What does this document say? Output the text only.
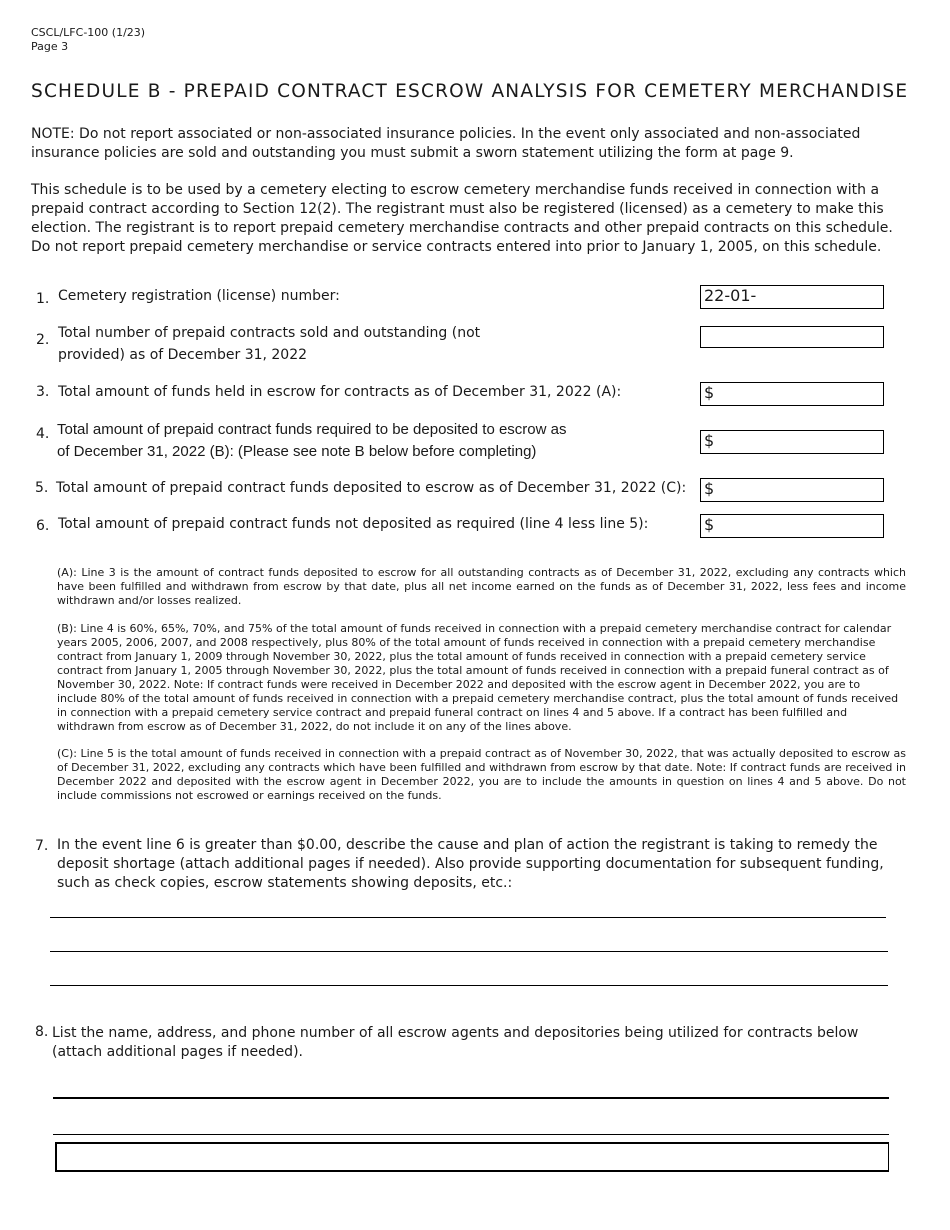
CSCL/LFC-100 (1/23)
Page 3
SCHEDULE B - PREPAID CONTRACT ESCROW ANALYSIS FOR CEMETERY MERCHANDISE
NOTE: Do not report associated or non-associated insurance policies. In the event only associated and non-associated insurance policies are sold and outstanding you must submit a sworn statement utilizing the form at page 9.
This schedule is to be used by a cemetery electing to escrow cemetery merchandise funds received in connection with a prepaid contract according to Section 12(2). The registrant must also be registered (licensed) as a cemetery to make this election. The registrant is to report prepaid cemetery merchandise contracts and other prepaid contracts on this schedule. Do not report prepaid cemetery merchandise or service contracts entered into prior to January 1, 2005, on this schedule.
1. Cemetery registration (license) number:	22-01-
2. Total number of prepaid contracts sold and outstanding (not
provided) as of December 31, 2022
3. Total amount of funds held in escrow for contracts as of December 31, 2022 (A):	$
4. Total amount of prepaid contract funds required to be deposited to escrow as
of December 31, 2022 (B): (Please see note B below before completing)
$
5. Total amount of prepaid contract funds deposited to escrow as of December 31, 2022 (C): $
6. Total amount of prepaid contract funds not deposited as required (line 4 less line 5):	$
(A): Line 3 is the amount of contract funds deposited to escrow for all outstanding contracts as of December 31, 2022, excluding any contracts which have been fulfilled and withdrawn from escrow by that date, plus all net income earned on the funds as of December 31, 2022, less fees and income withdrawn and/or losses realized.
(B): Line 4 is 60%, 65%, 70%, and 75% of the total amount of funds received in connection with a prepaid cemetery merchandise contract for calendar years 2005, 2006, 2007, and 2008 respectively, plus 80% of the total amount of funds received in connection with a prepaid cemetery merchandise contract from January 1, 2009 through November 30, 2022, plus the total amount of funds received in connection with a prepaid cemetery service contract from January 1, 2005 through November 30, 2022, plus the total amount of funds received in connection with a prepaid funeral contract as of November 30, 2022. Note: If contract funds were received in December 2022 and deposited with the escrow agent in December 2022, you are to include 80% of the total amount of funds received in connection with a prepaid cemetery merchandise contract, plus the total amount of funds received in connection with a prepaid cemetery service contract and prepaid funeral contract on lines 4 and 5 above. If a contract has been fulfilled and withdrawn from escrow as of December 31, 2022, do not include it on any of the lines above.
(C): Line 5 is the total amount of funds received in connection with a prepaid contract as of November 30, 2022, that was actually deposited to escrow as of December 31, 2022, excluding any contracts which have been fulfilled and withdrawn from escrow by that date. Note: If contract funds are received in December 2022 and deposited with the escrow agent in December 2022, you are to include the amounts in question on lines 4 and 5 above. Do not include commissions not escrowed or earnings received on the funds.
7. In the event line 6 is greater than $0.00, describe the cause and plan of action the registrant is taking to remedy the deposit shortage (attach additional pages if needed). Also provide supporting documentation for subsequent funding, such as check copies, escrow statements showing deposits, etc.:
8. List the name, address, and phone number of all escrow agents and depositories being utilized for contracts below (attach additional pages if needed).
